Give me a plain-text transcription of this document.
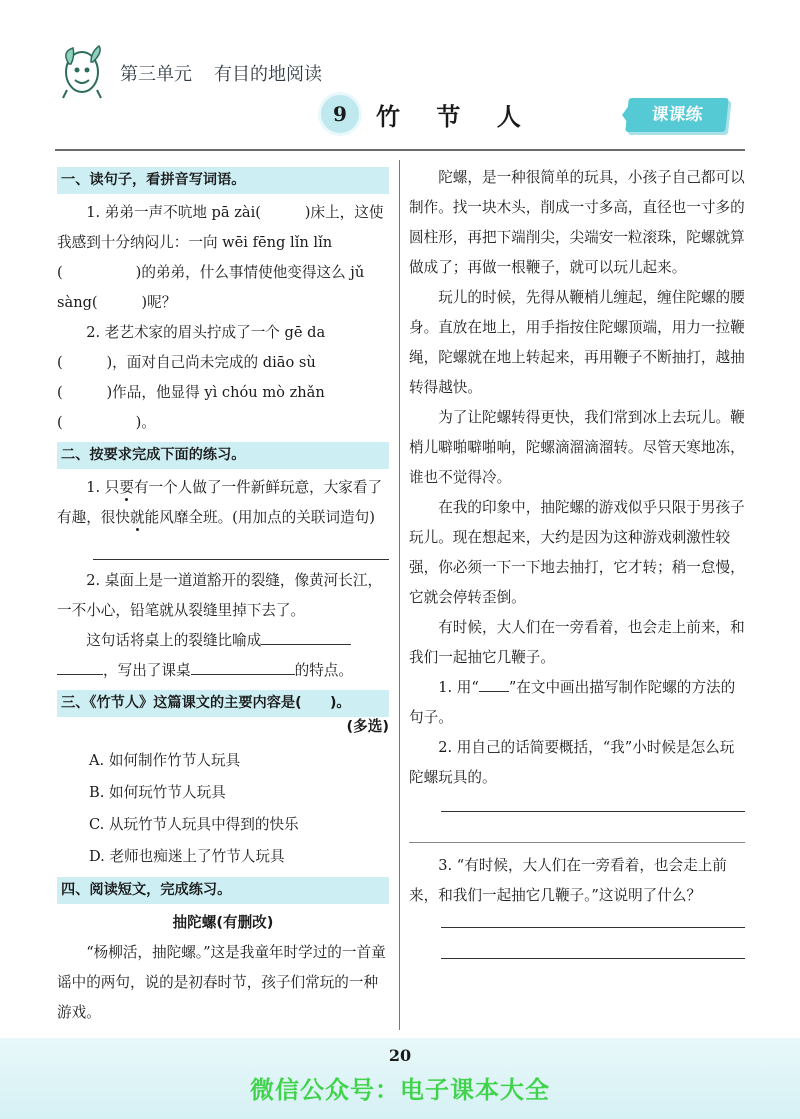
第三单元 有目的地阅读
9	竹 节 人	课课练
一、读句子，看拼音写词语。

1. 弟弟一声不吭地 pā zài(　　　)床上，这使我感到十分纳闷儿：一向 wēi fēng lǐn lǐn

(　　　　　)的弟弟，什么事情使他变得这么 jǔ sàng(　　　)呢？

2. 老艺术家的眉头拧成了一个 gē da

(　　　)，面对自己尚未完成的 diāo sù

(　　　)作品，他显得 yì chóu mò zhǎn

(　　　　　)。

二、按要求完成下面的练习。

1. 只要有一个人做了一件新鲜玩意，大家看了有趣，很快就能风靡全班。(用加点的关联词造句)

2. 桌面上是一道道豁开的裂缝，像黄河长江，一不小心，铅笔就从裂缝里掉下去了。

这句话将桌上的裂缝比喻成

，写出了课桌	的特点。

三、《竹节人》这篇课文的主要内容是(　　)。

(多选)

A. 如何制作竹节人玩具
B. 如何玩竹节人玩具
C. 从玩竹节人玩具中得到的快乐
D. 老师也痴迷上了竹节人玩具
四、阅读短文，完成练习。

抽陀螺(有删改)

“杨柳活，抽陀螺。”这是我童年时学过的一首童谣中的两句，说的是初春时节，孩子们常玩的一种游戏。

陀螺，是一种很简单的玩具，小孩子自己都可以制作。找一块木头，削成一寸多高，直径也一寸多的圆柱形，再把下端削尖，尖端安一粒滚珠，陀螺就算做成了；再做一根鞭子，就可以玩儿起来。

玩儿的时候，先得从鞭梢儿缠起，缠住陀螺的腰身。直放在地上，用手指按住陀螺顶端，用力一拉鞭绳，陀螺就在地上转起来，再用鞭子不断抽打，越抽转得越快。

为了让陀螺转得更快，我们常到冰上去玩儿。鞭梢儿噼啪噼啪响，陀螺滴溜滴溜转。尽管天寒地冻，谁也不觉得冷。

在我的印象中，抽陀螺的游戏似乎只限于男孩子玩儿。现在想起来，大约是因为这种游戏刺激性较强，你必须一下一下地去抽打，它才转；稍一怠慢，它就会停转歪倒。

有时候，大人们在一旁看着，也会走上前来，和我们一起抽它几鞭子。

1. 用“ ”在文中画出描写制作陀螺的方法的句子。

2. 用自己的话简要概括，“我”小时候是怎么玩陀螺玩具的。

3. “有时候，大人们在一旁看着，也会走上前来，和我们一起抽它几鞭子。”这说明了什么？

20
微信公众号：电子课本大全
